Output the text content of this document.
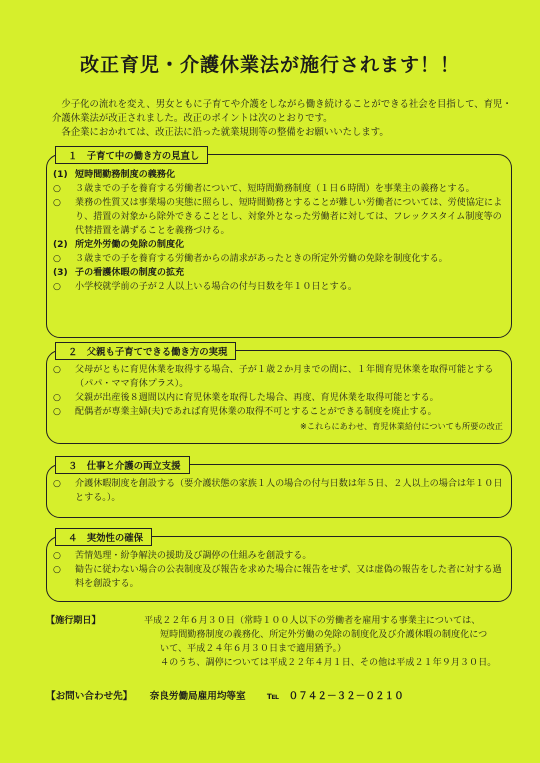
改正育児・介護休業法が施行されます！！

少子化の流れを変え、男女ともに子育てや介護をしながら働き続けることができる社会を目指して、育児・介護休業法が改正されました。改正のポイントは次のとおりです。

各企業におかれては、改正法に沿った就業規則等の整備をお願いいたします。

１　子育て中の働き方の見直し
(1) 短時間勤務制度の義務化
○	３歳までの子を養育する労働者について、短時間勤務制度（１日６時間）を事業主の義務とする。
○	業務の性質又は事業場の実態に照らし、短時間勤務とすることが難しい労働者については、労使協定により、措置の対象から除外できることとし、対象外となった労働者に対しては、フレックスタイム制度等の代替措置を講ずることを義務づける。
(2) 所定外労働の免除の制度化
○	３歳までの子を養育する労働者からの請求があったときの所定外労働の免除を制度化する。
(3) 子の看護休暇の制度の拡充
○	小学校就学前の子が２人以上いる場合の付与日数を年１０日とする。
２　父親も子育てできる働き方の実現
○	父母がともに育児休業を取得する場合、子が１歳２か月までの間に、１年間育児休業を取得可能とする（パパ・ママ育休プラス）。
○	父親が出産後８週間以内に育児休業を取得した場合、再度、育児休業を取得可能とする。
○	配偶者が専業主婦(夫)であれば育児休業の取得不可とすることができる制度を廃止する。
※これらにあわせ、育児休業給付についても所要の改正
３　仕事と介護の両立支援
○	介護休暇制度を創設する（要介護状態の家族１人の場合の付与日数は年５日、２人以上の場合は年１０日とする。）。
４　実効性の確保
○	苦情処理・紛争解決の援助及び調停の仕組みを創設する。
○	勧告に従わない場合の公表制度及び報告を求めた場合に報告をせず、又は虚偽の報告をした者に対する過料を創設する。
【施行期日】	平成２２年６月３０日（常時１００人以下の労働者を雇用する事業主については、
短時間勤務制度の義務化、所定外労働の免除の制度化及び介護休暇の制度化につ
いて、平成２４年６月３０日まで適用猶予。）
４のうち、調停については平成２２年４月１日、その他は平成２１年９月３０日。
【お問い合わせ先】 奈良労働局雇用均等室 ℡ ０７４２－３２－０２１０
